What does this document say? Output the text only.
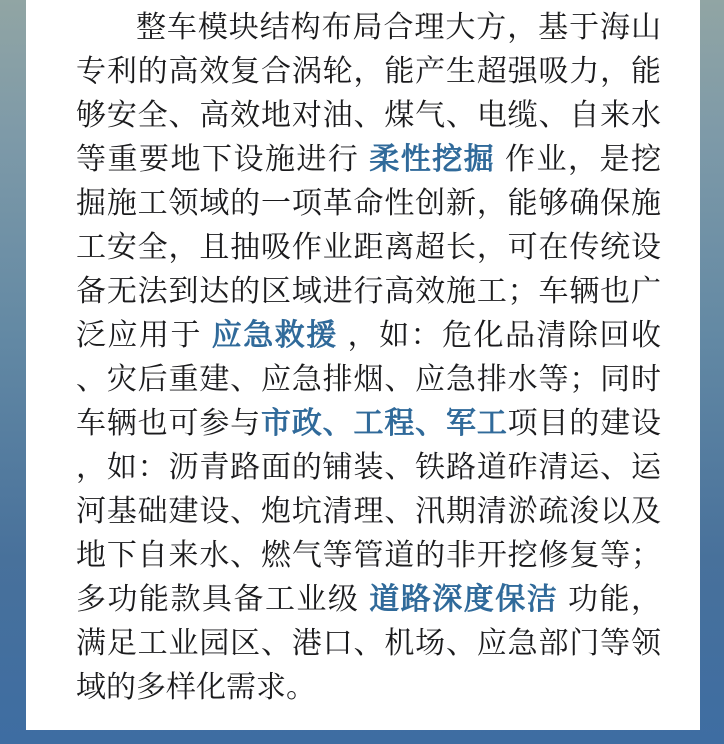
整车模块结构布局合理大方，基于海山专利的高效复合涡轮，能产生超强吸力，能够安全、高效地对油、煤气、电缆、自来水等重要地下设施进行 柔性挖掘 作业，是挖掘施工领域的一项革命性创新，能够确保施工安全，且抽吸作业距离超长，可在传统设备无法到达的区域进行高效施工；车辆也广泛应用于 应急救援 ，如：危化品清除回收、灾后重建、应急排烟、应急排水等；同时车辆也可参与市政、工程、军工项目的建设，如：沥青路面的铺装、铁路道砟清运、运河基础建设、炮坑清理、汛期清淤疏浚以及地下自来水、燃气等管道的非开挖修复等；多功能款具备工业级 道路深度保洁 功能，满足工业园区、港口、机场、应急部门等领域的多样化需求。
